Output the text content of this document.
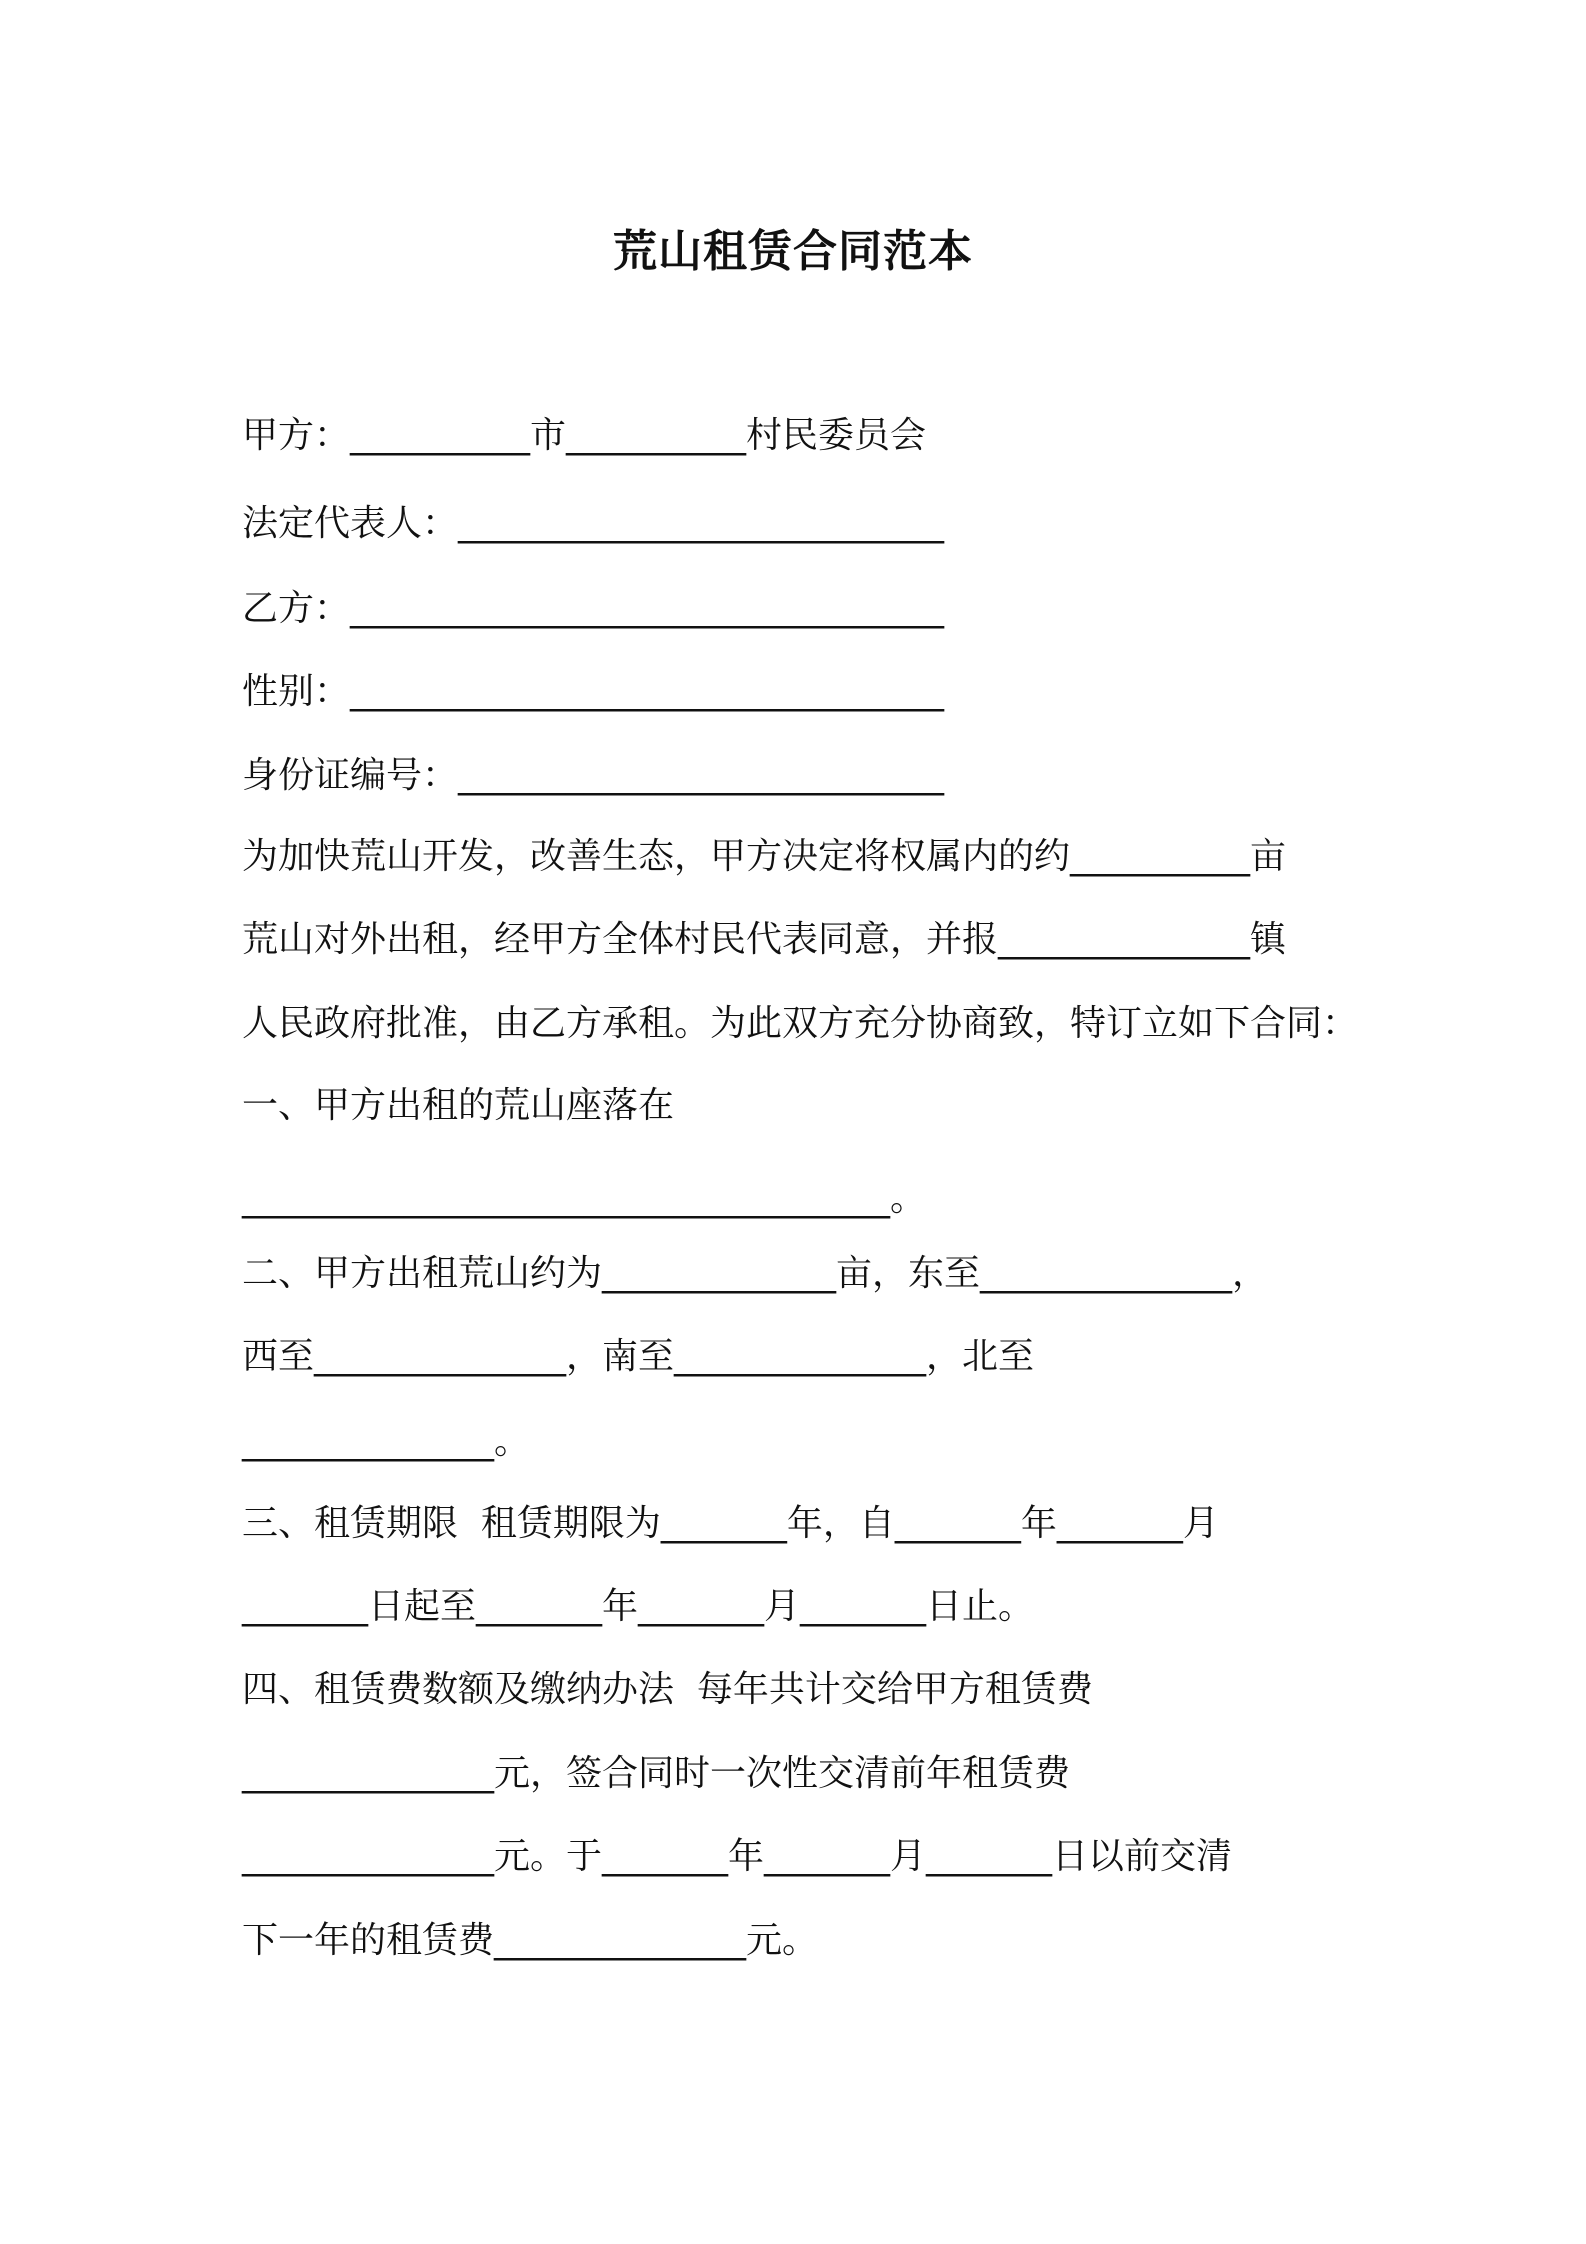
荒山租赁合同范本
甲方：__________市__________村民委员会
法定代表人：___________________________
乙方：_________________________________
性别：_________________________________
身份证编号：___________________________
为加快荒山开发，改善生态，甲方决定将权属内的约__________亩
荒山对外出租，经甲方全体村民代表同意，并报______________镇
人民政府批准，由乙方承租。为此双方充分协商致，特订立如下合同：
一、甲方出租的荒山座落在
____________________________________。
二、甲方出租荒山约为_____________亩，东至______________，
西至______________，南至______________，北至
______________。
三、租赁期限  租赁期限为_______年，自_______年_______月
_______日起至_______年_______月_______日止。
四、租赁费数额及缴纳办法  每年共计交给甲方租赁费
______________元，签合同时一次性交清前年租赁费
______________元。于_______年_______月_______日以前交清
下一年的租赁费______________元。
